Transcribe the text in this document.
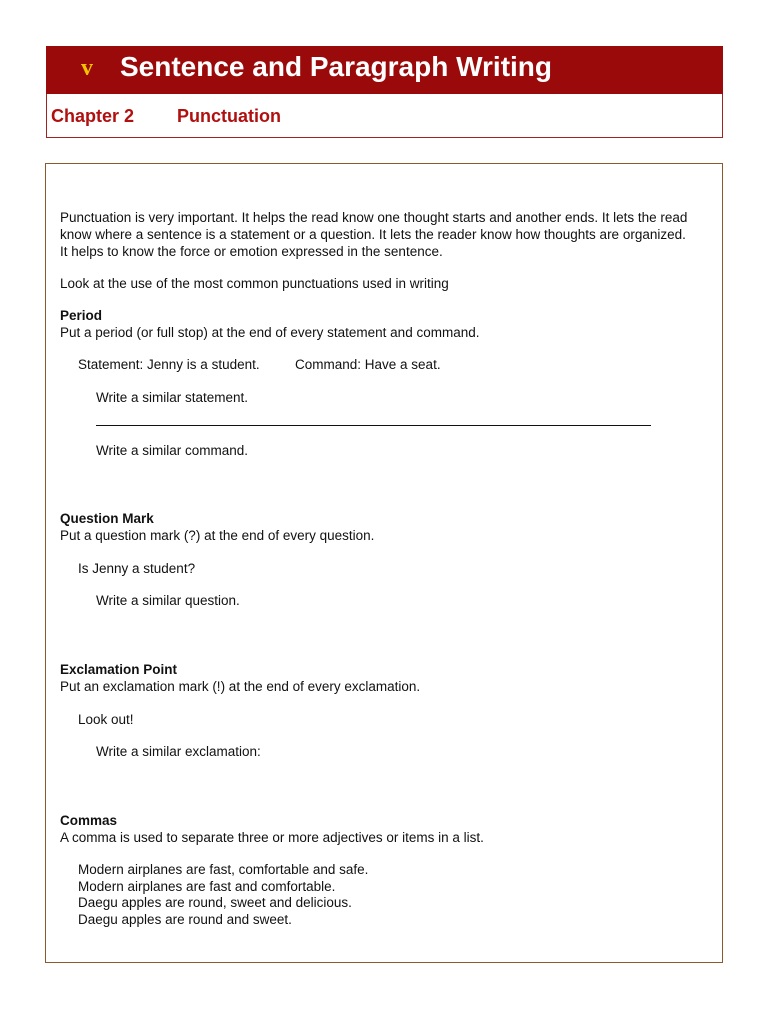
v Sentence and Paragraph Writing
Chapter 2 Punctuation
Punctuation is very important. It helps the read know one thought starts and another ends. It lets the read
know where a sentence is a statement or a question. It lets the reader know how thoughts are organized.
It helps to know the force or emotion expressed in the sentence.
Look at the use of the most common punctuations used in writing
Period
Put a period (or full stop) at the end of every statement and command.
Statement: Jenny is a student.	Command: Have a seat.
Write a similar statement.
Write a similar command.
Question Mark
Put a question mark (?) at the end of every question.
Is Jenny a student?
Write a similar question.
Exclamation Point
Put an exclamation mark (!) at the end of every exclamation.
Look out!
Write a similar exclamation:
Commas
A comma is used to separate three or more adjectives or items in a list.
Modern airplanes are fast, comfortable and safe.
Modern airplanes are fast and comfortable.
Daegu apples are round, sweet and delicious.
Daegu apples are round and sweet.
